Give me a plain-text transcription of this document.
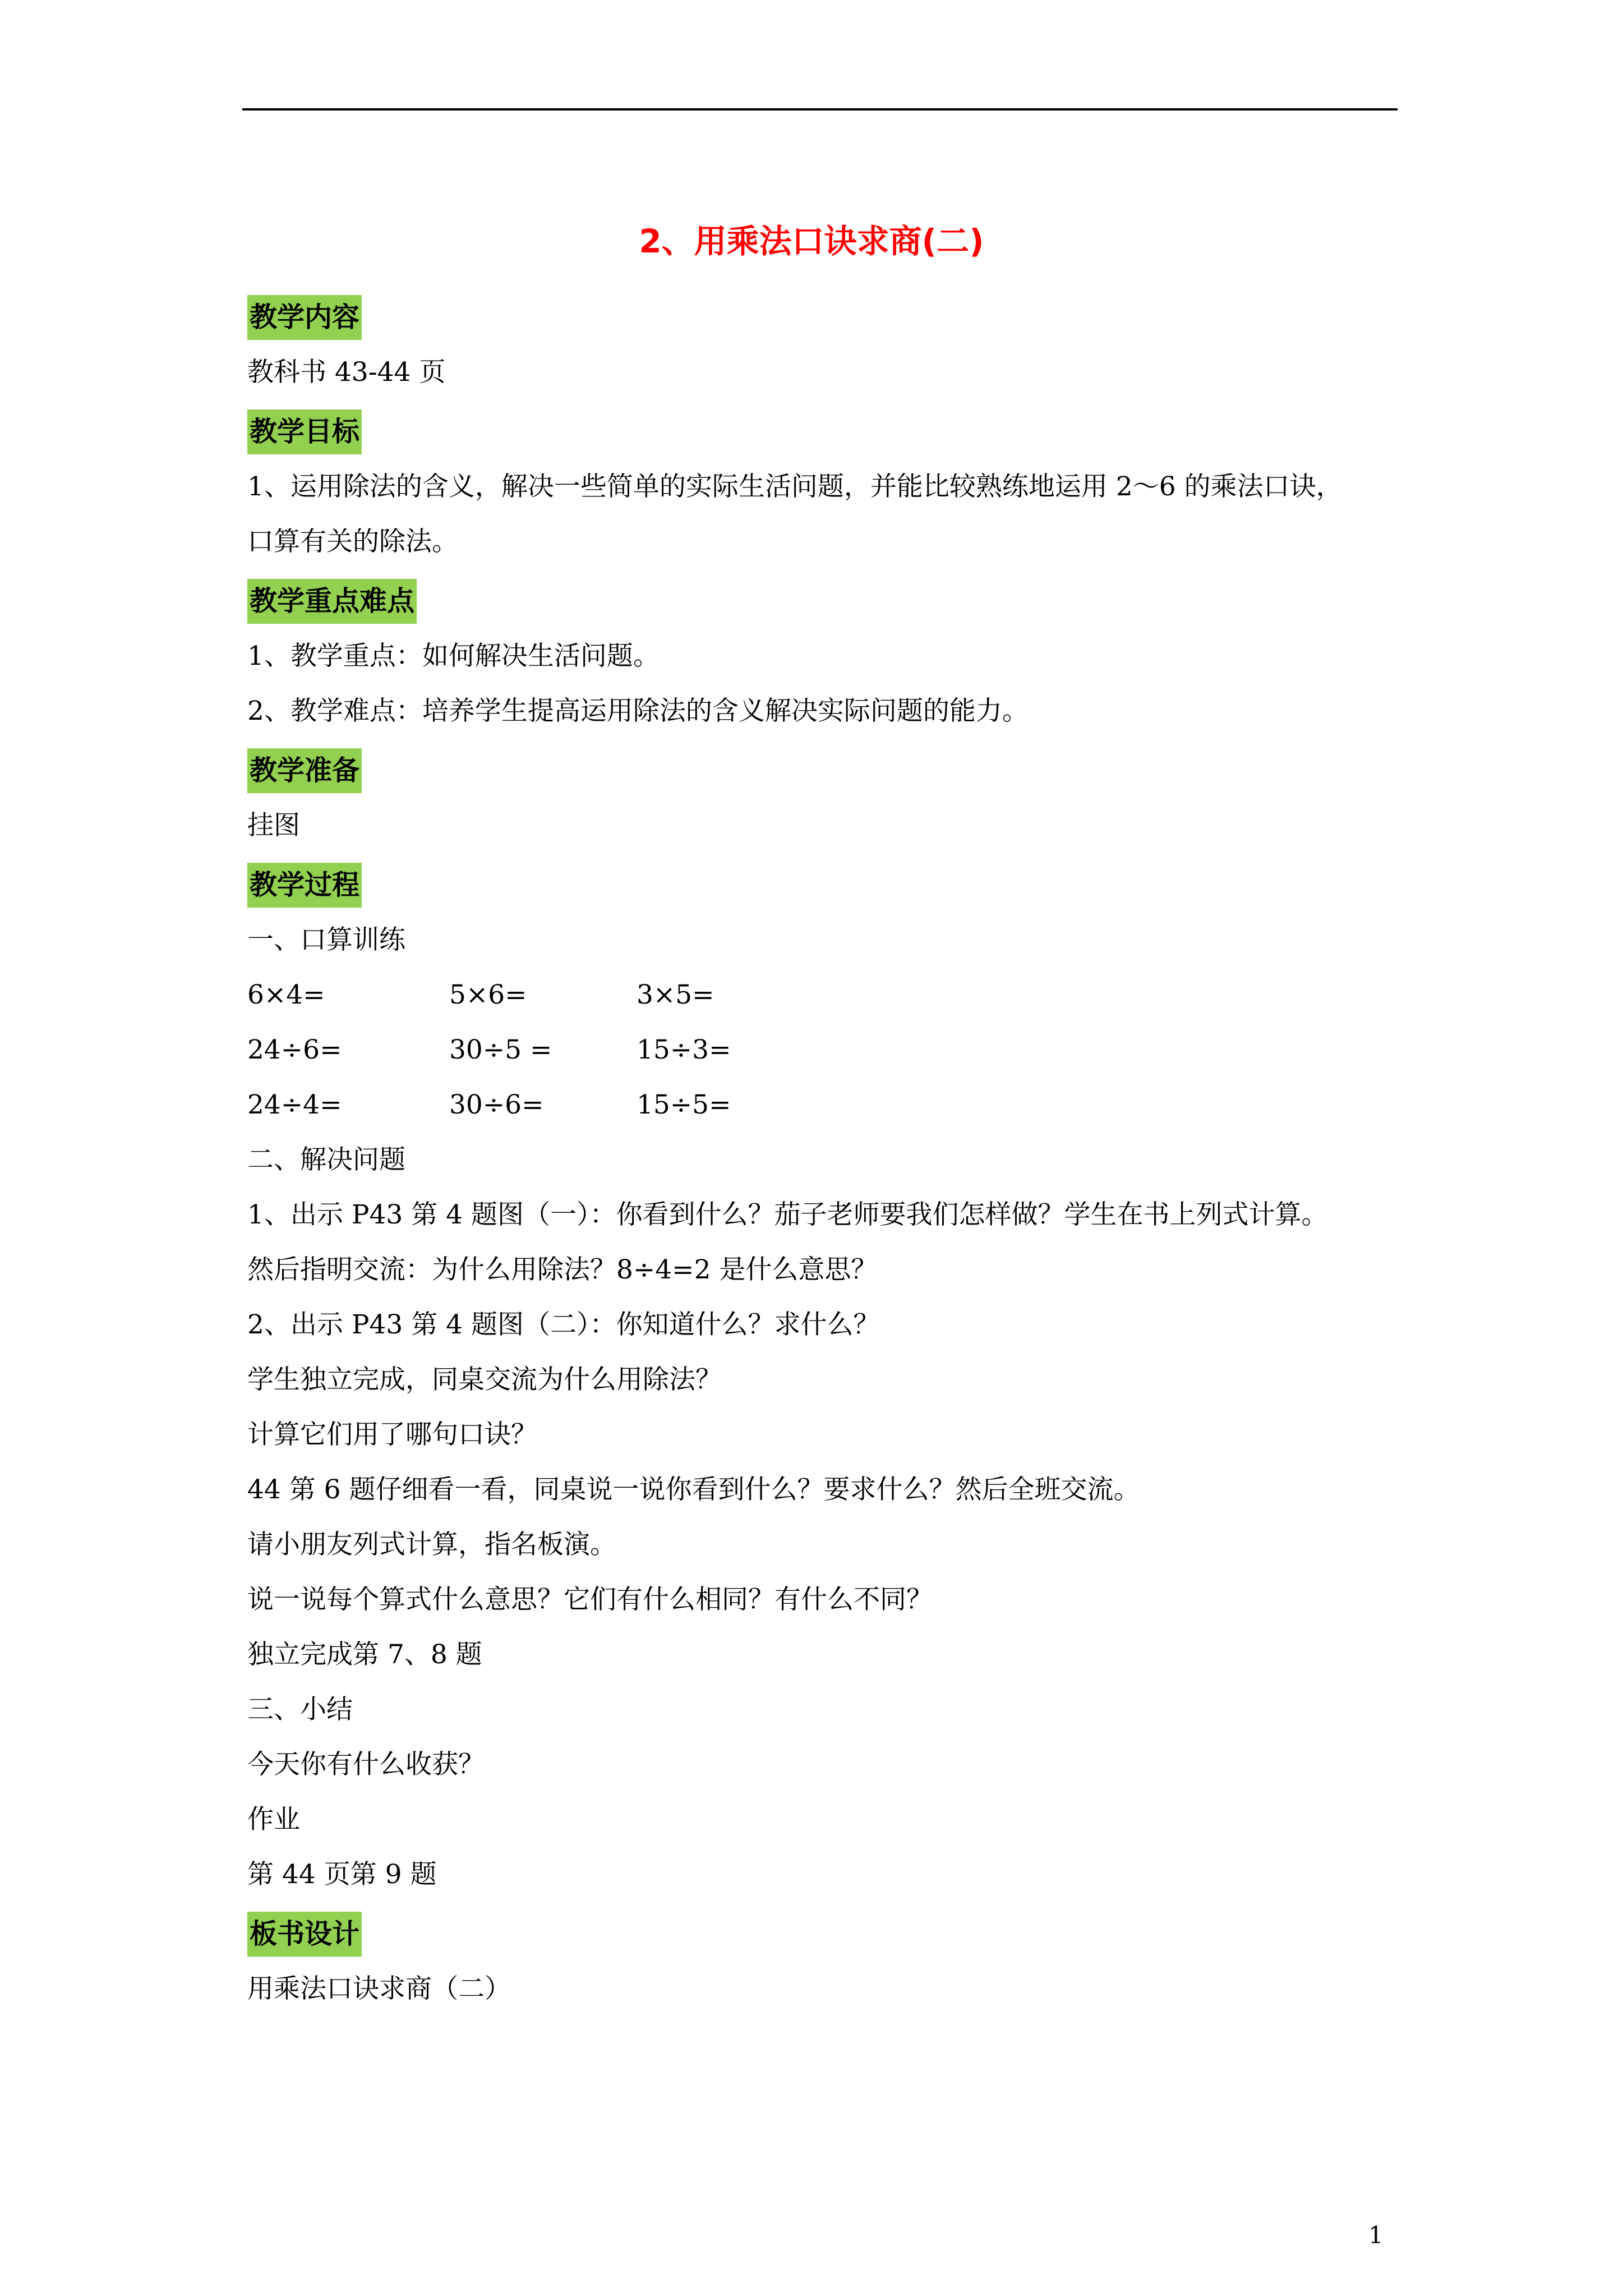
2、用乘法口诀求商(二)
教学内容
教科书 43-44 页
教学目标
1、运用除法的含义，解决一些简单的实际生活问题，并能比较熟练地运用 2～6 的乘法口诀，
口算有关的除法。
教学重点难点
1、教学重点：如何解决生活问题。
2、教学难点：培养学生提高运用除法的含义解决实际问题的能力。
教学准备
挂图
教学过程
一、口算训练
6×4=	5×6=	3×5=
24÷6=	30÷5 =	15÷3=
24÷4=	30÷6=	15÷5=
二、解决问题
1、出示 P43 第 4 题图（一）：你看到什么？茄子老师要我们怎样做？学生在书上列式计算。
然后指明交流：为什么用除法？8÷4=2 是什么意思？
2、出示 P43 第 4 题图（二）：你知道什么？求什么？
学生独立完成，同桌交流为什么用除法？
计算它们用了哪句口诀？
44 第 6 题仔细看一看，同桌说一说你看到什么？要求什么？然后全班交流。
请小朋友列式计算，指名板演。
说一说每个算式什么意思？它们有什么相同？有什么不同？
独立完成第 7、8 题
三、小结
今天你有什么收获？
作业
第 44 页第 9 题
板书设计
用乘法口诀求商（二）
1
